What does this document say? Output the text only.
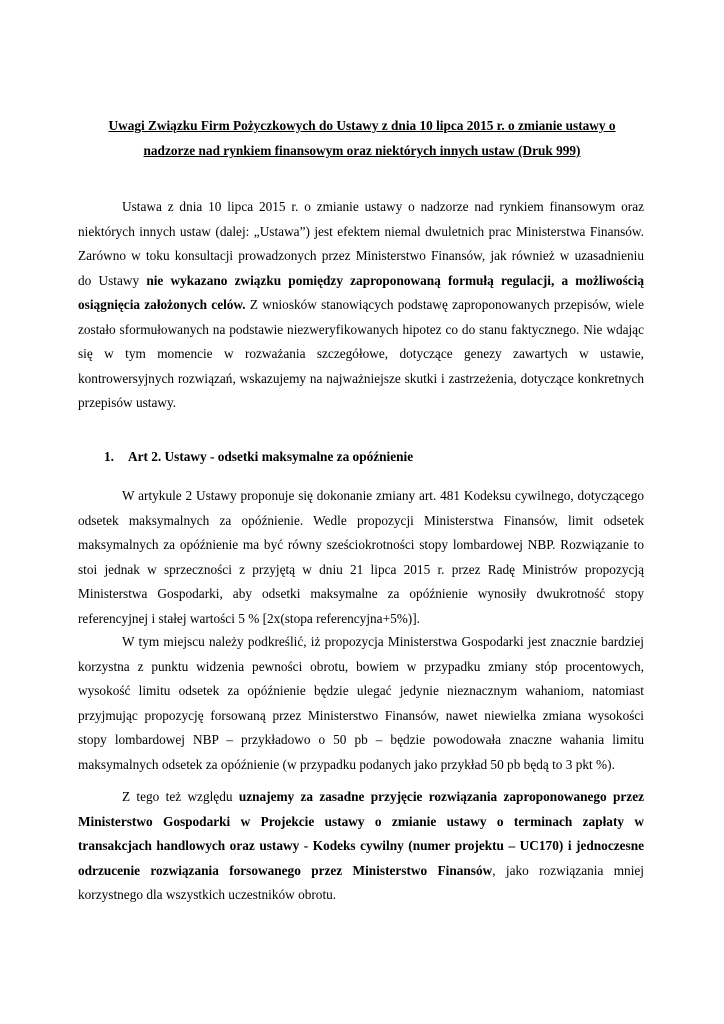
Uwagi Związku Firm Pożyczkowych do Ustawy z dnia 10 lipca 2015 r. o zmianie ustawy o
nadzorze nad rynkiem finansowym oraz niektórych innych ustaw (Druk 999)
Ustawa z dnia 10 lipca 2015 r. o zmianie ustawy o nadzorze nad rynkiem finansowym oraz
niektórych innych ustaw (dalej: „Ustawa”) jest efektem niemal dwuletnich prac Ministerstwa Finansów.
Zarówno w toku konsultacji prowadzonych przez Ministerstwo Finansów, jak również w uzasadnieniu
do Ustawy nie wykazano związku pomiędzy zaproponowaną formułą regulacji, a możliwością
osiągnięcia założonych celów. Z wniosków stanowiących podstawę zaproponowanych przepisów, wiele
zostało sformułowanych na podstawie niezweryfikowanych hipotez co do stanu faktycznego. Nie wdając
się w tym momencie w rozważania szczegółowe, dotyczące genezy zawartych w ustawie,
kontrowersyjnych rozwiązań, wskazujemy na najważniejsze skutki i zastrzeżenia, dotyczące konkretnych
przepisów ustawy.
1. Art 2. Ustawy - odsetki maksymalne za opóźnienie
W artykule 2 Ustawy proponuje się dokonanie zmiany art. 481 Kodeksu cywilnego, dotyczącego
odsetek maksymalnych za opóźnienie. Wedle propozycji Ministerstwa Finansów, limit odsetek
maksymalnych za opóźnienie ma być równy sześciokrotności stopy lombardowej NBP. Rozwiązanie to
stoi jednak w sprzeczności z przyjętą w dniu 21 lipca 2015 r. przez Radę Ministrów propozycją
Ministerstwa Gospodarki, aby odsetki maksymalne za opóźnienie wynosiły dwukrotność stopy
referencyjnej i stałej wartości 5 % [2x(stopa referencyjna+5%)].
W tym miejscu należy podkreślić, iż propozycja Ministerstwa Gospodarki jest znacznie bardziej
korzystna z punktu widzenia pewności obrotu, bowiem w przypadku zmiany stóp procentowych,
wysokość limitu odsetek za opóźnienie będzie ulegać jedynie nieznacznym wahaniom, natomiast
przyjmując propozycję forsowaną przez Ministerstwo Finansów, nawet niewielka zmiana wysokości
stopy lombardowej NBP – przykładowo o 50 pb – będzie powodowała znaczne wahania limitu
maksymalnych odsetek za opóźnienie (w przypadku podanych jako przykład 50 pb będą to 3 pkt %).
Z tego też względu uznajemy za zasadne przyjęcie rozwiązania zaproponowanego przez
Ministerstwo Gospodarki w Projekcie ustawy o zmianie ustawy o terminach zapłaty w
transakcjach handlowych oraz ustawy - Kodeks cywilny (numer projektu – UC170) i jednoczesne
odrzucenie rozwiązania forsowanego przez Ministerstwo Finansów, jako rozwiązania mniej
korzystnego dla wszystkich uczestników obrotu.
